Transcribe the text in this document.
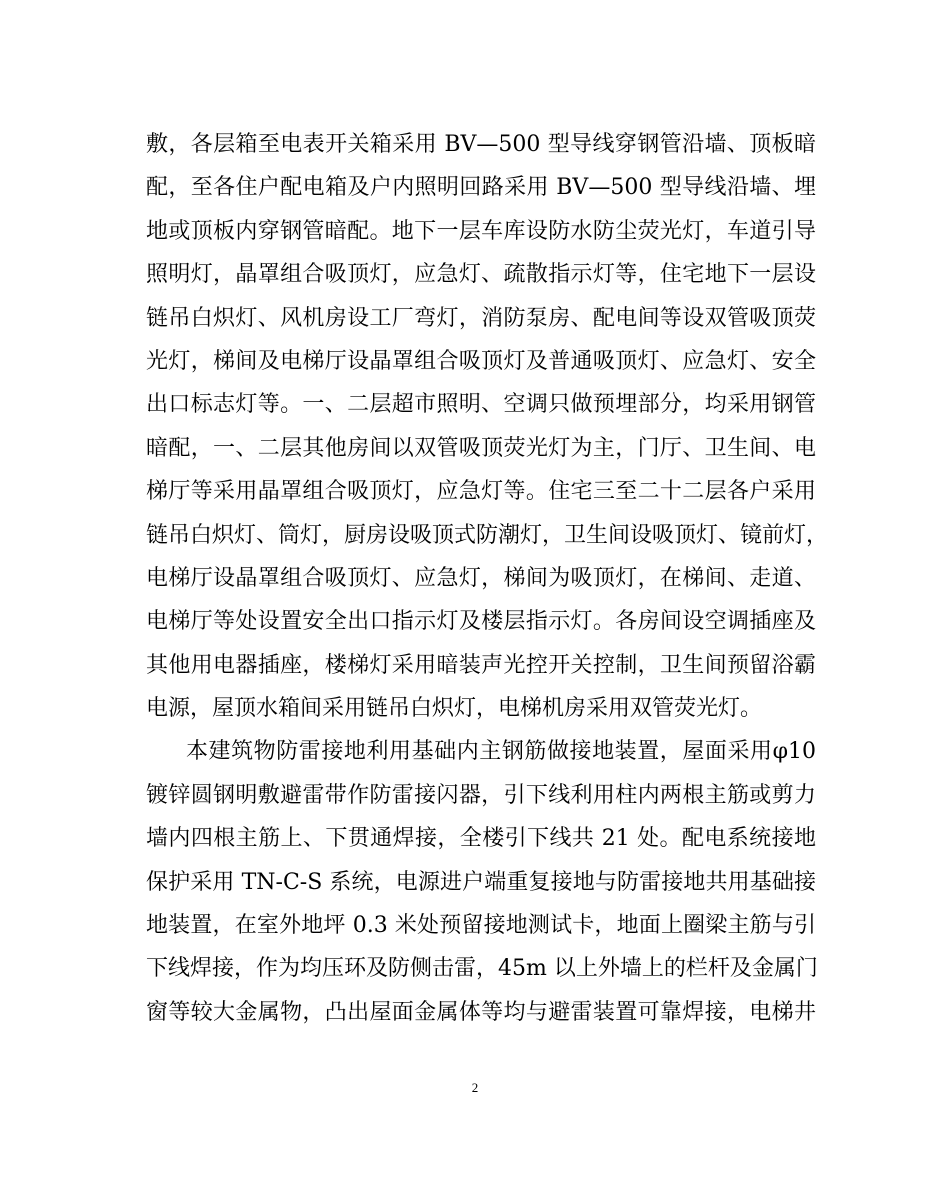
敷，各层箱至电表开关箱采用 BV—500 型导线穿钢管沿墙、顶板暗
配，至各住户配电箱及户内照明回路采用 BV—500 型导线沿墙、埋
地或顶板内穿钢管暗配。地下一层车库设防水防尘荧光灯，车道引导
照明灯，晶罩组合吸顶灯，应急灯、疏散指示灯等，住宅地下一层设
链吊白炽灯、风机房设工厂弯灯，消防泵房、配电间等设双管吸顶荧
光灯，梯间及电梯厅设晶罩组合吸顶灯及普通吸顶灯、应急灯、安全
出口标志灯等。一、二层超市照明、空调只做预埋部分，均采用钢管
暗配，一、二层其他房间以双管吸顶荧光灯为主，门厅、卫生间、电
梯厅等采用晶罩组合吸顶灯，应急灯等。住宅三至二十二层各户采用
链吊白炽灯、筒灯，厨房设吸顶式防潮灯，卫生间设吸顶灯、镜前灯，
电梯厅设晶罩组合吸顶灯、应急灯，梯间为吸顶灯，在梯间、走道、
电梯厅等处设置安全出口指示灯及楼层指示灯。各房间设空调插座及
其他用电器插座，楼梯灯采用暗装声光控开关控制，卫生间预留浴霸
电源，屋顶水箱间采用链吊白炽灯，电梯机房采用双管荧光灯。
本建筑物防雷接地利用基础内主钢筋做接地装置，屋面采用φ10
镀锌圆钢明敷避雷带作防雷接闪器，引下线利用柱内两根主筋或剪力
墙内四根主筋上、下贯通焊接，全楼引下线共 21 处。配电系统接地
保护采用 TN-C-S 系统，电源进户端重复接地与防雷接地共用基础接
地装置，在室外地坪 0.3 米处预留接地测试卡，地面上圈梁主筋与引
下线焊接，作为均压环及防侧击雷，45m 以上外墙上的栏杆及金属门
窗等较大金属物，凸出屋面金属体等均与避雷装置可靠焊接，电梯井
2
